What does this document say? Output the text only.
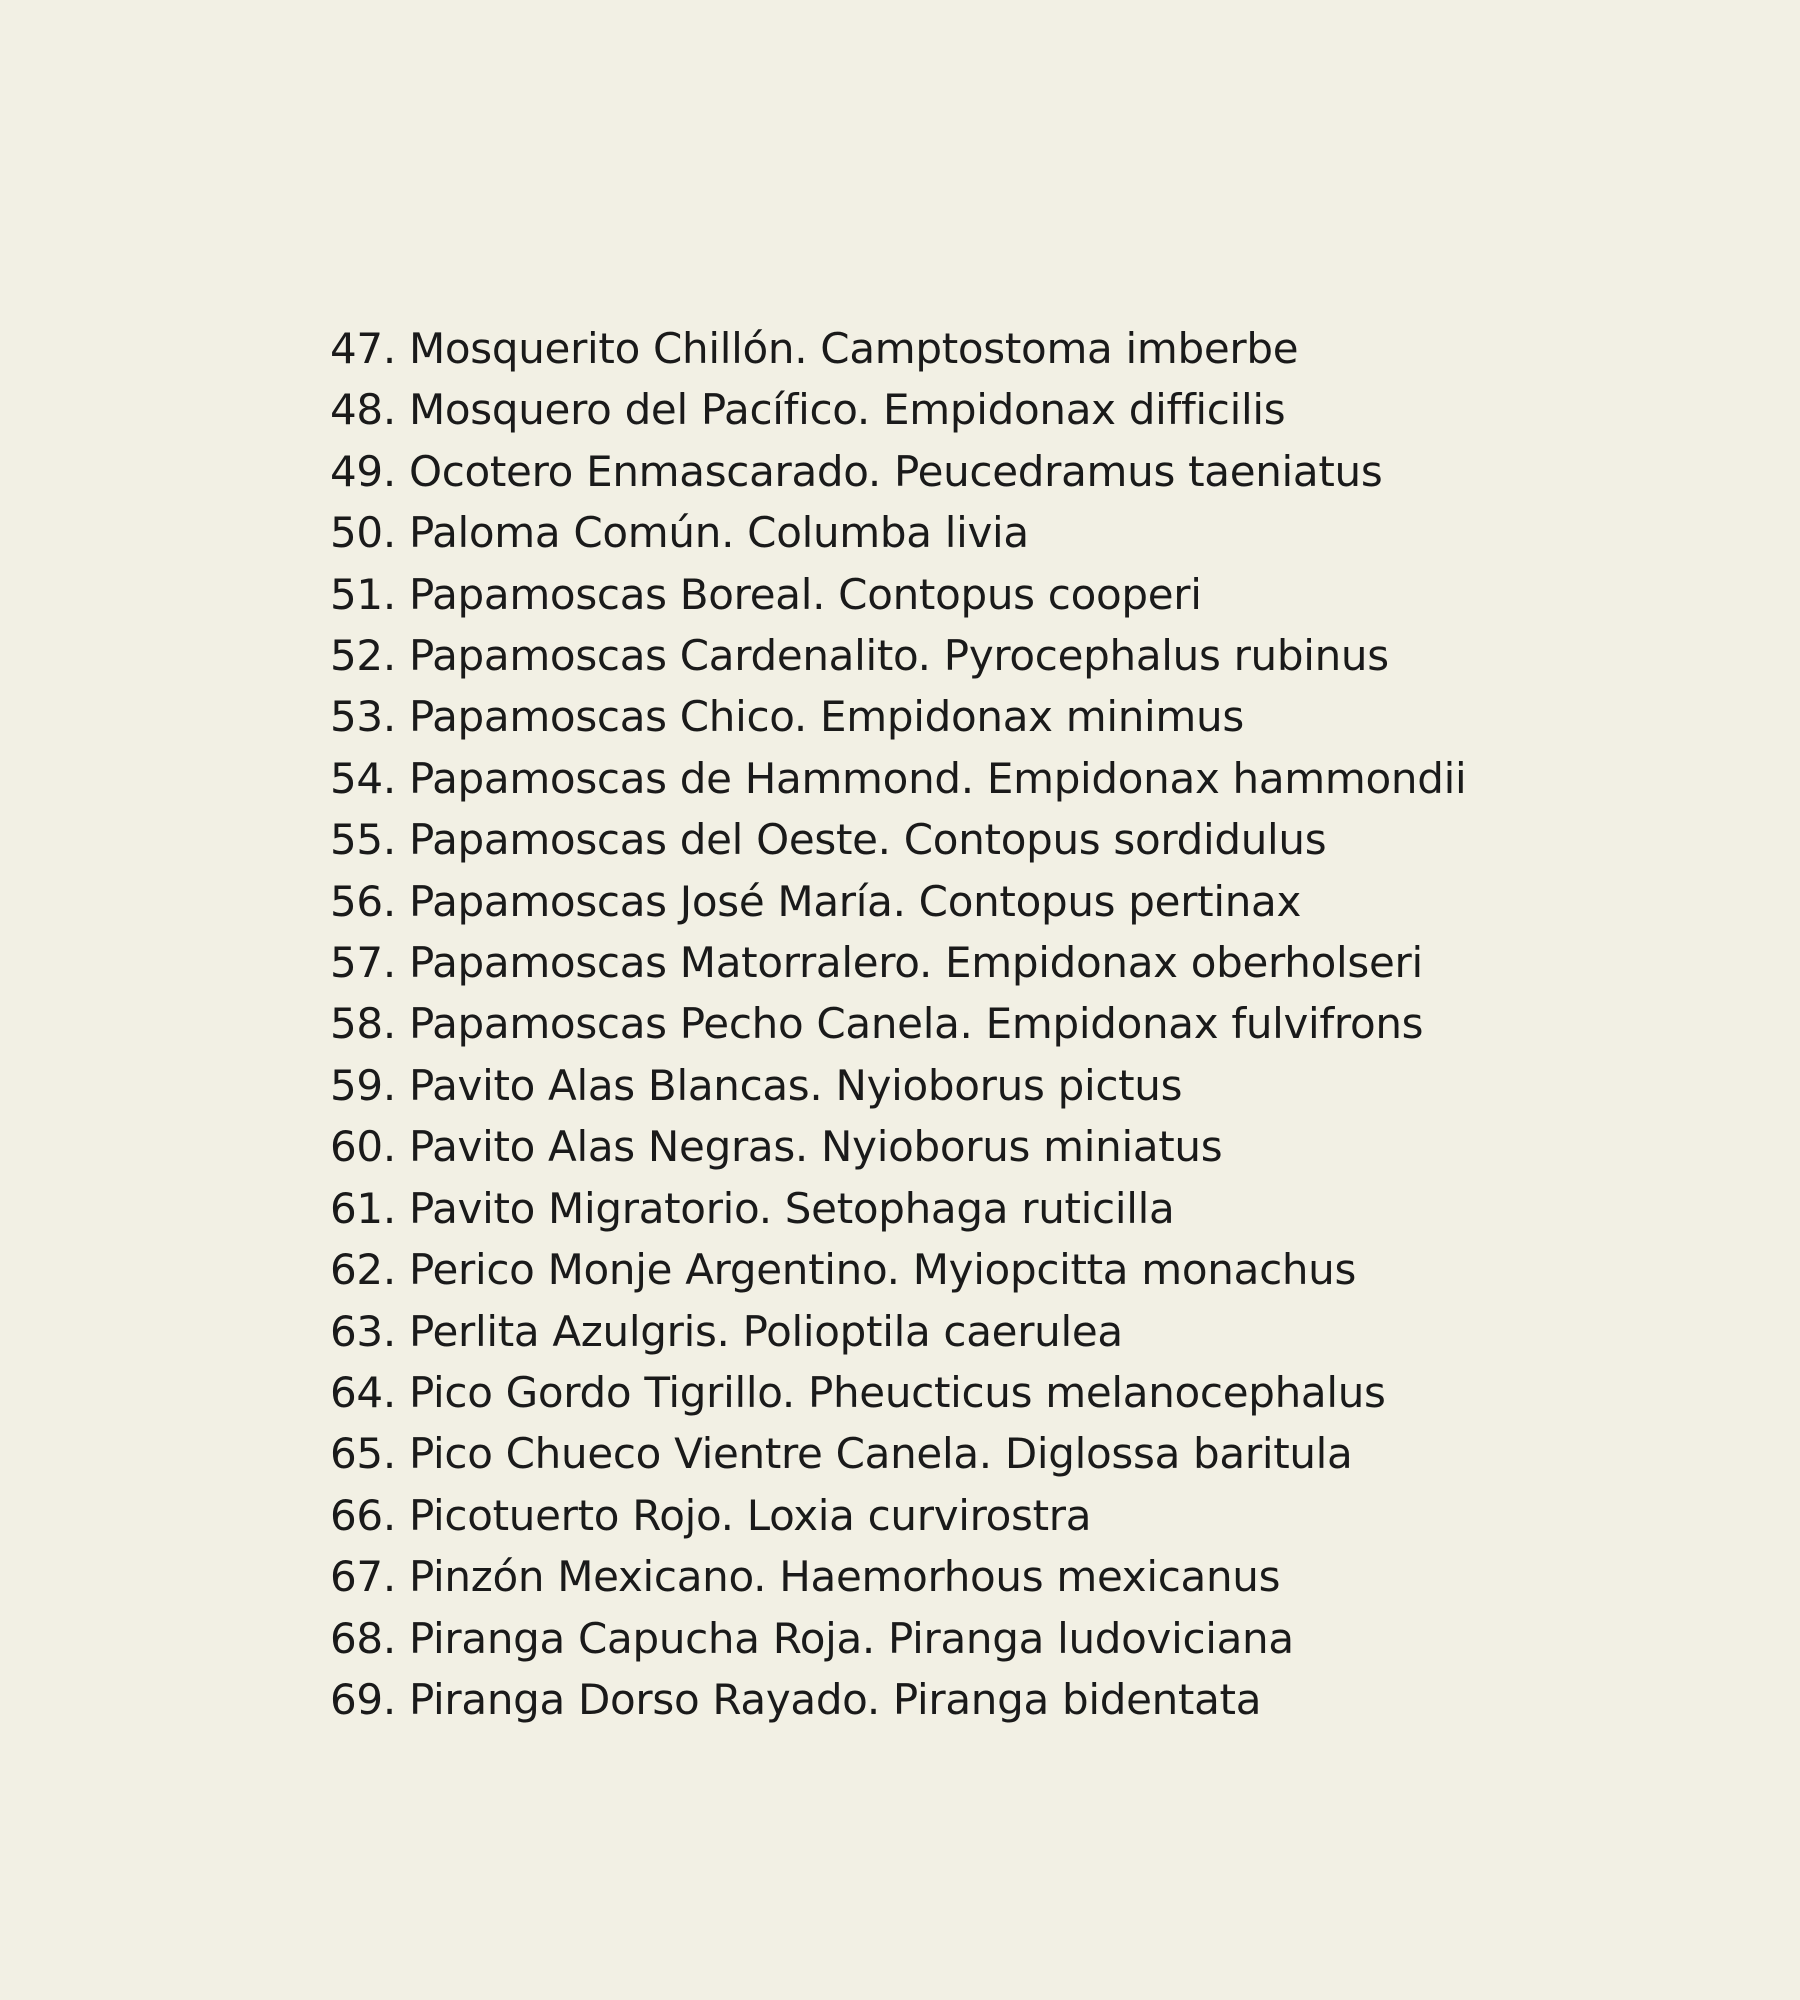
47. Mosquerito Chillón. Camptostoma imberbe
48. Mosquero del Pacífico. Empidonax difficilis
49. Ocotero Enmascarado. Peucedramus taeniatus
50. Paloma Común. Columba livia
51. Papamoscas Boreal. Contopus cooperi
52. Papamoscas Cardenalito. Pyrocephalus rubinus
53. Papamoscas Chico. Empidonax minimus
54. Papamoscas de Hammond. Empidonax hammondii
55. Papamoscas del Oeste. Contopus sordidulus
56. Papamoscas José María. Contopus pertinax
57. Papamoscas Matorralero. Empidonax oberholseri
58. Papamoscas Pecho Canela. Empidonax fulvifrons
59. Pavito Alas Blancas. Nyioborus pictus
60. Pavito Alas Negras. Nyioborus miniatus
61. Pavito Migratorio. Setophaga ruticilla
62. Perico Monje Argentino. Myiopcitta monachus
63. Perlita Azulgris. Polioptila caerulea
64. Pico Gordo Tigrillo. Pheucticus melanocephalus
65. Pico Chueco Vientre Canela. Diglossa baritula
66. Picotuerto Rojo. Loxia curvirostra
67. Pinzón Mexicano. Haemorhous mexicanus
68. Piranga Capucha Roja. Piranga ludoviciana
69. Piranga Dorso Rayado. Piranga bidentata
